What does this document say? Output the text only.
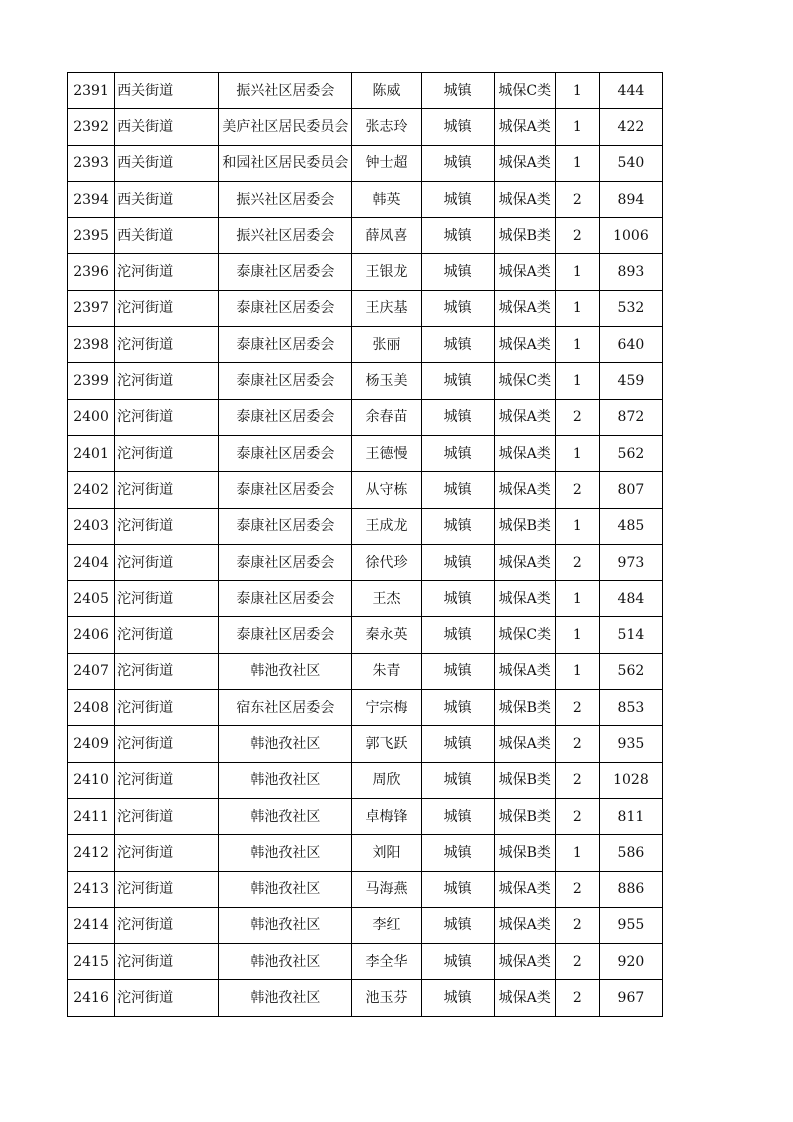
2391	西关街道	振兴社区居委会	陈威	城镇	城保C类	1	444
2392	西关街道	美庐社区居民委员会	张志玲	城镇	城保A类	1	422
2393	西关街道	和园社区居民委员会	钟士超	城镇	城保A类	1	540
2394	西关街道	振兴社区居委会	韩英	城镇	城保A类	2	894
2395	西关街道	振兴社区居委会	薛凤喜	城镇	城保B类	2	1006
2396	沱河街道	泰康社区居委会	王银龙	城镇	城保A类	1	893
2397	沱河街道	泰康社区居委会	王庆基	城镇	城保A类	1	532
2398	沱河街道	泰康社区居委会	张丽	城镇	城保A类	1	640
2399	沱河街道	泰康社区居委会	杨玉美	城镇	城保C类	1	459
2400	沱河街道	泰康社区居委会	余春苗	城镇	城保A类	2	872
2401	沱河街道	泰康社区居委会	王德慢	城镇	城保A类	1	562
2402	沱河街道	泰康社区居委会	从守栋	城镇	城保A类	2	807
2403	沱河街道	泰康社区居委会	王成龙	城镇	城保B类	1	485
2404	沱河街道	泰康社区居委会	徐代珍	城镇	城保A类	2	973
2405	沱河街道	泰康社区居委会	王杰	城镇	城保A类	1	484
2406	沱河街道	泰康社区居委会	秦永英	城镇	城保C类	1	514
2407	沱河街道	韩池孜社区	朱青	城镇	城保A类	1	562
2408	沱河街道	宿东社区居委会	宁宗梅	城镇	城保B类	2	853
2409	沱河街道	韩池孜社区	郭飞跃	城镇	城保A类	2	935
2410	沱河街道	韩池孜社区	周欣	城镇	城保B类	2	1028
2411	沱河街道	韩池孜社区	卓梅锋	城镇	城保B类	2	811
2412	沱河街道	韩池孜社区	刘阳	城镇	城保B类	1	586
2413	沱河街道	韩池孜社区	马海燕	城镇	城保A类	2	886
2414	沱河街道	韩池孜社区	李红	城镇	城保A类	2	955
2415	沱河街道	韩池孜社区	李全华	城镇	城保A类	2	920
2416	沱河街道	韩池孜社区	池玉芬	城镇	城保A类	2	967
